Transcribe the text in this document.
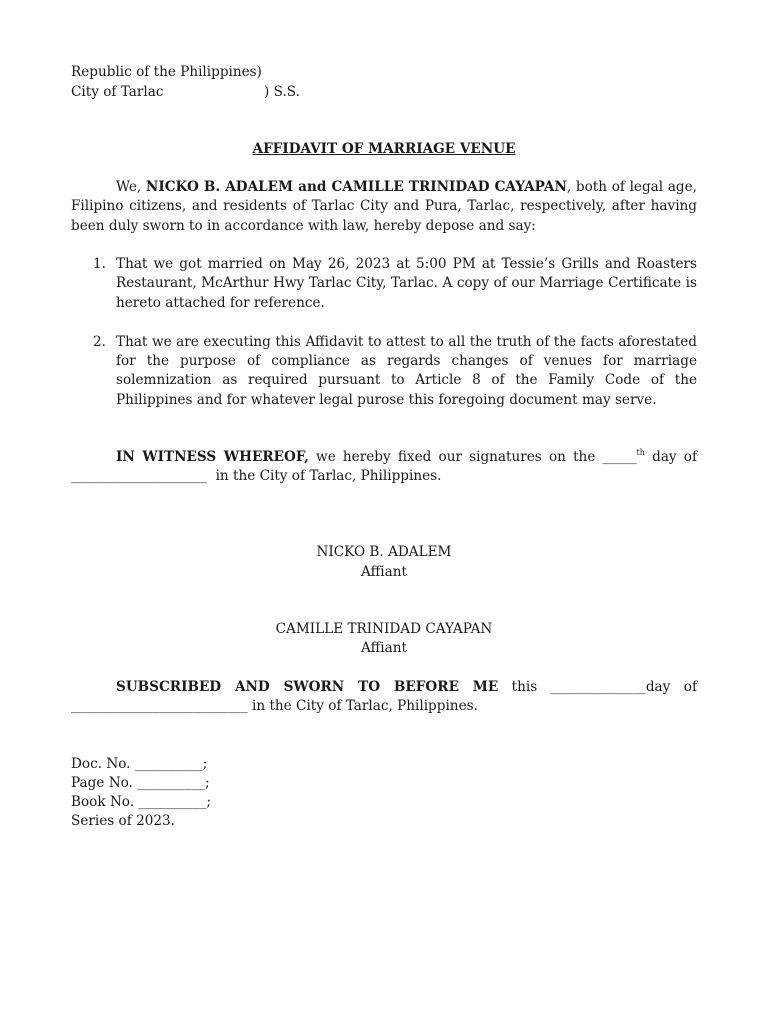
Republic of the Philippines)
City of Tarlac	) S.S.
AFFIDAVIT OF MARRIAGE VENUE
We, NICKO B. ADALEM and CAMILLE TRINIDAD CAYAPAN, both of legal age, Filipino citizens, and residents of Tarlac City and Pura, Tarlac, respectively, after having been duly sworn to in accordance with law, hereby depose and say:
1. That we got married on May 26, 2023 at 5:00 PM at Tessie’s Grills and Roasters Restaurant, McArthur Hwy Tarlac City, Tarlac. A copy of our Marriage Certificate is hereto attached for reference.
2. That we are executing this Affidavit to attest to all the truth of the facts aforestated for the purpose of compliance as regards changes of venues for marriage solemnization as required pursuant to Article 8 of the Family Code of the Philippines and for whatever legal purose this foregoing document may serve.
IN WITNESS WHEREOF, we hereby fixed our signatures on the _____$^{th}$ day of
____________________  in the City of Tarlac, Philippines.
NICKO B. ADALEM
Affiant
CAMILLE TRINIDAD CAYAPAN
Affiant
SUBSCRIBED AND SWORN TO BEFORE ME this ______________day of
__________________________ in the City of Tarlac, Philippines.
Doc. No. __________;
Page No. __________;
Book No. __________;
Series of 2023.
